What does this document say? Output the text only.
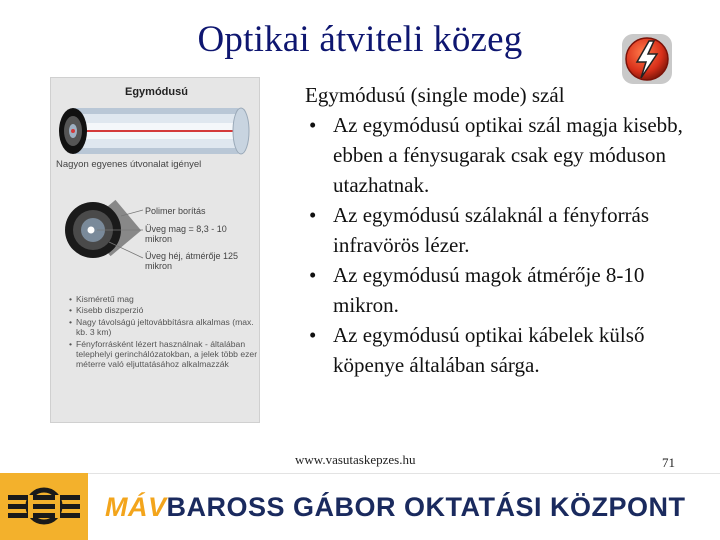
Optikai átviteli közeg
Egymódusú
Nagyon egyenes útvonalat igényel
Polimer borítás
Üveg mag = 8,3 - 10 mikron
Üveg héj, átmérője 125 mikron
• Kisméretű mag
• Kisebb diszperzió
• Nagy távolságú jeltovábbításra alkalmas (max. kb. 3 km)
• Fényforrásként lézert használnak - általában telephelyi gerinchálózatokban, a jelek több ezer méterre való eljuttatásához alkalmazzák
Egymódusú (single mode) szál
• Az egymódusú optikai szál magja kisebb, ebben a fénysugarak csak egy móduson utazhatnak.
• Az egymódusú szálaknál a fényforrás infravörös lézer.
• Az egymódusú magok átmérője 8-10 mikron.
• Az egymódusú optikai kábelek külső köpenye általában sárga.
www.vasutaskepzes.hu	71
MÁVBAROSS GÁBOR OKTATÁSI KÖZPONT
